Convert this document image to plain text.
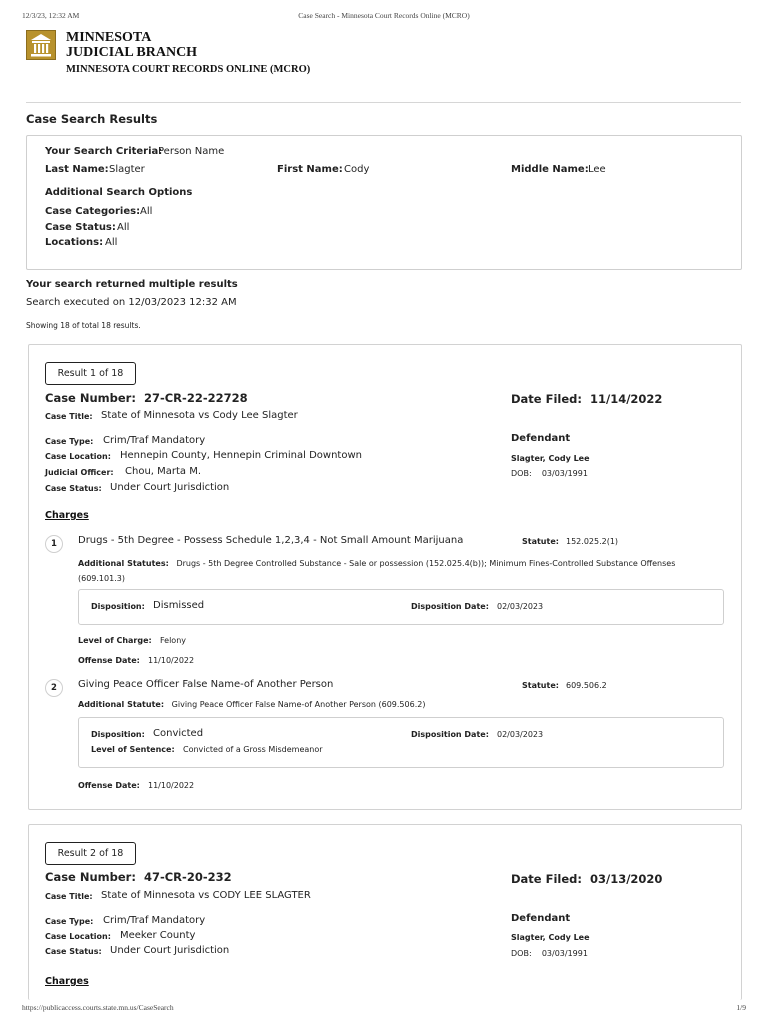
12/3/23, 12:32 AM	Case Search - Minnesota Court Records Online (MCRO)
MINNESOTA
JUDICIAL BRANCH
MINNESOTA COURT RECORDS ONLINE (MCRO)
Case Search Results
Your Search Criteria:
Person Name
Last Name: Slagter	First Name: Cody	Middle Name: Lee
Additional Search Options
Case Categories: All
Case Status: All
Locations: All
Your search returned multiple results
Search executed on 12/03/2023 12:32 AM
Showing 18 of total 18 results.
Result 1 of 18
Case Number: 27-CR-22-22728	Date Filed: 11/14/2022
Case Title: State of Minnesota vs Cody Lee Slagter
Case Type: Crim/Traf Mandatory
Case Location: Hennepin County, Hennepin Criminal Downtown
Judicial Officer: Chou, Marta M.
Case Status: Under Court Jurisdiction
Defendant
Slagter, Cody Lee
DOB: 03/03/1991
Charges
1	Drugs - 5th Degree - Possess Schedule 1,2,3,4 - Not Small Amount Marijuana	Statute: 152.025.2(1)
Additional Statutes: Drugs - 5th Degree Controlled Substance - Sale or possession (152.025.4(b)); Minimum Fines-Controlled Substance Offenses (609.101.3)
Disposition: Dismissed	Disposition Date: 02/03/2023
Level of Charge: Felony
Offense Date: 11/10/2022
2	Giving Peace Officer False Name-of Another Person	Statute: 609.506.2
Additional Statute: Giving Peace Officer False Name-of Another Person (609.506.2)
Disposition: Convicted	Disposition Date: 02/03/2023
Level of Sentence: Convicted of a Gross Misdemeanor
Offense Date: 11/10/2022
Result 2 of 18
Case Number: 47-CR-20-232	Date Filed: 03/13/2020
Case Title: State of Minnesota vs CODY LEE SLAGTER
Case Type: Crim/Traf Mandatory
Case Location: Meeker County
Case Status: Under Court Jurisdiction
Defendant
Slagter, Cody Lee
DOB: 03/03/1991
Charges
https://publicaccess.courts.state.mn.us/CaseSearch	1/9
